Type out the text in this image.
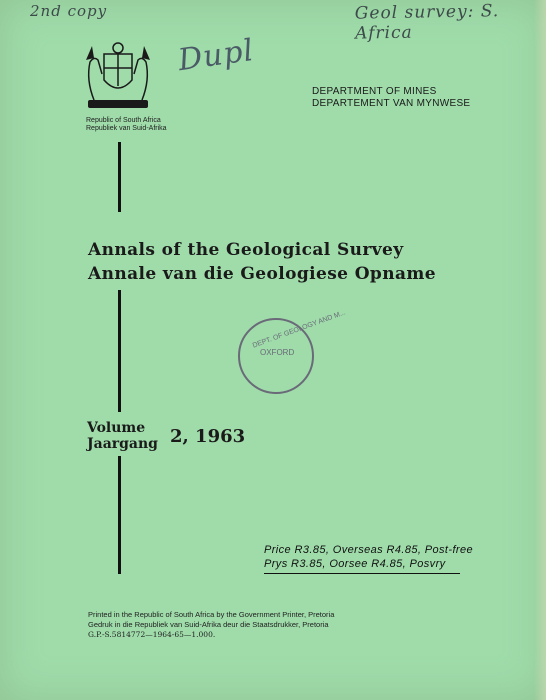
2nd copy	Geol survey: S. Africa
Dupl
Republic of South Africa
Republiek van Suid-Afrika
DEPARTMENT OF MINES
DEPARTEMENT VAN MYNWESE
Annals of the Geological Survey
Annale van die Geologiese Opname
DEPT. OF GEOLOGY AND M...
OXFORD
Volume
Jaargang 2, 1963
Price R3.85, Overseas R4.85, Post-free
Prys R3.85, Oorsee R4.85, Posvry
Printed in the Republic of South Africa by the Government Printer, Pretoria
Gedruk in die Republiek van Suid-Afrika deur die Staatsdrukker, Pretoria
G.P.-S.5814772—1964-65—1.000.
